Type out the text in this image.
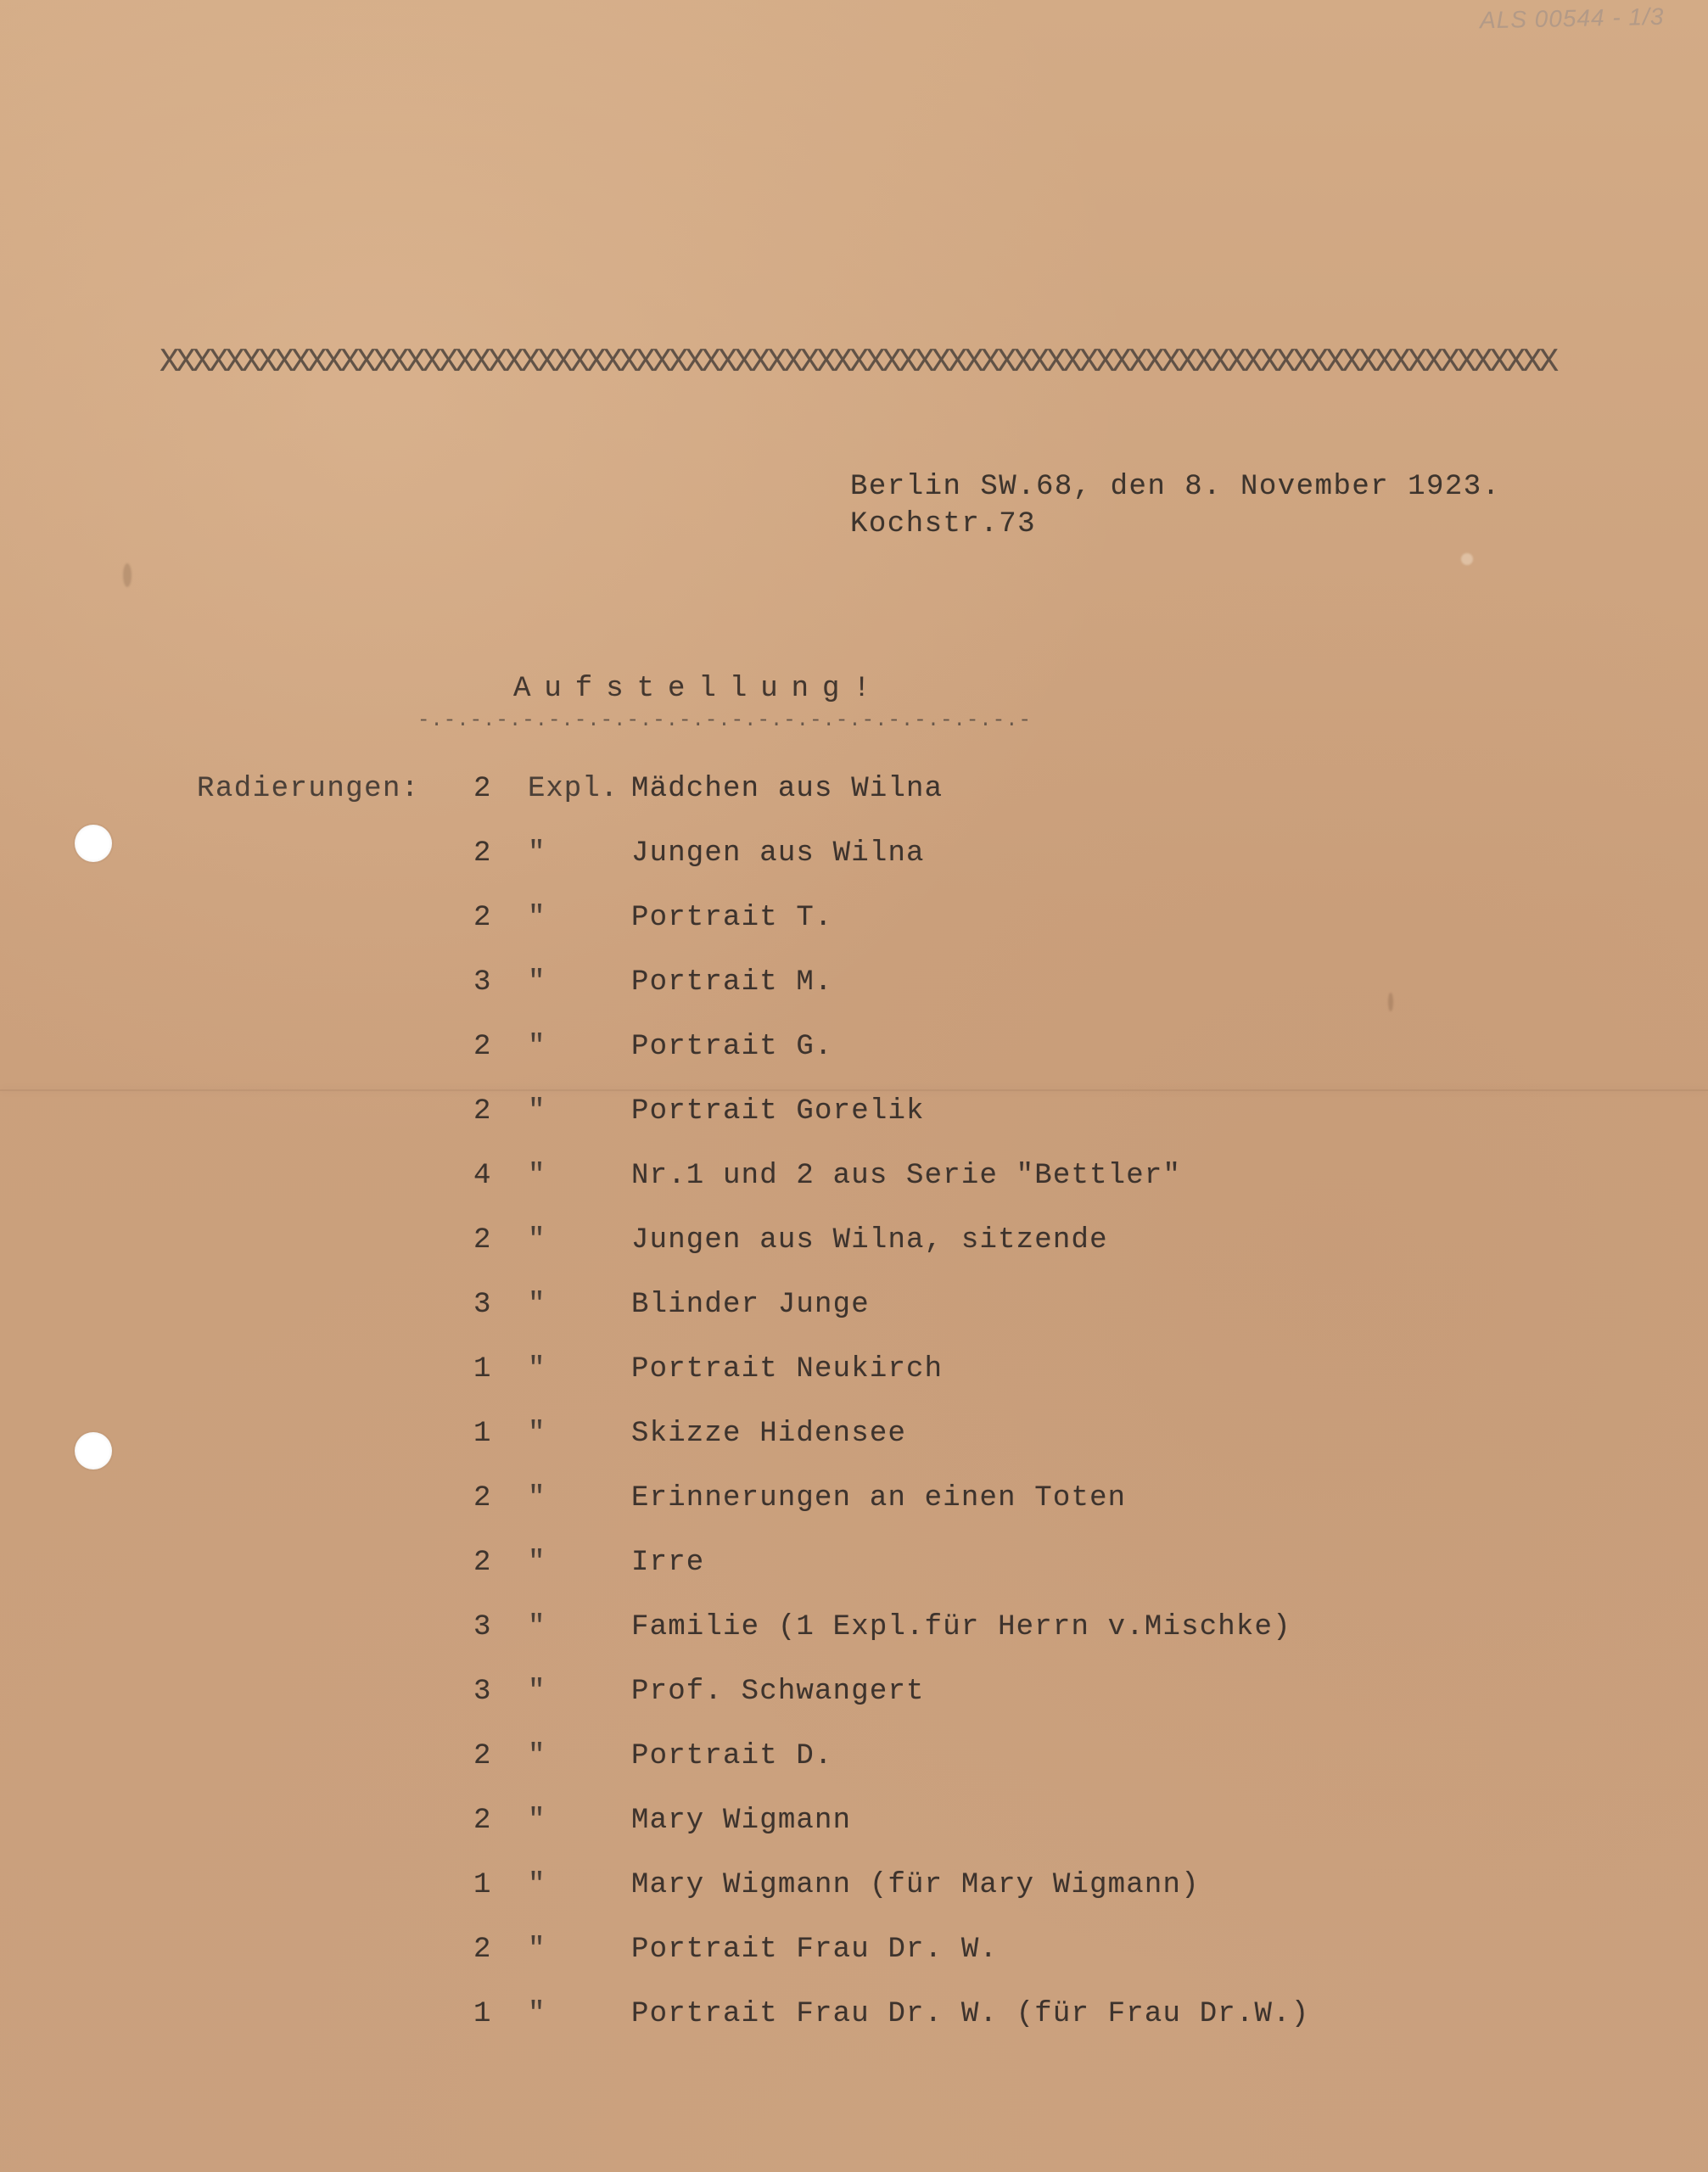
ALS 00544 - 1/3
XXXXXXXXXXXXXXXXXXXXXXXXXXXXXXXXXXXXXXXXXXXXXXXXXXXXXXXXXXXXXXXXXXXXXXXXXXXXXXXXXXXXX
Berlin SW.68, den 8. November 1923.
Kochstr.73
Aufstellung!
-.-.-.-.-.-.-.-.-.-.-.-.-.-.-.-.-.-.-.-.-.-.-.-
Radierungen: 2 Expl. Mädchen aus Wilna
2 "	Jungen aus Wilna
2 "	Portrait T.
3 "	Portrait M.
2 "	Portrait G.
2 "	Portrait Gorelik
4 "	Nr.1 und 2 aus Serie "Bettler"
2 "	Jungen aus Wilna, sitzende
3 "	Blinder Junge
1 "	Portrait Neukirch
1 "	Skizze Hidensee
2 "	Erinnerungen an einen Toten
2 "	Irre
3 "	Familie (1 Expl.für Herrn v.Mischke)
3 "	Prof. Schwangert
2 "	Portrait D.
2 "	Mary Wigmann
1 "	Mary Wigmann (für Mary Wigmann)
2 "	Portrait Frau Dr. W.
1 "	Portrait Frau Dr. W. (für Frau Dr.W.)
